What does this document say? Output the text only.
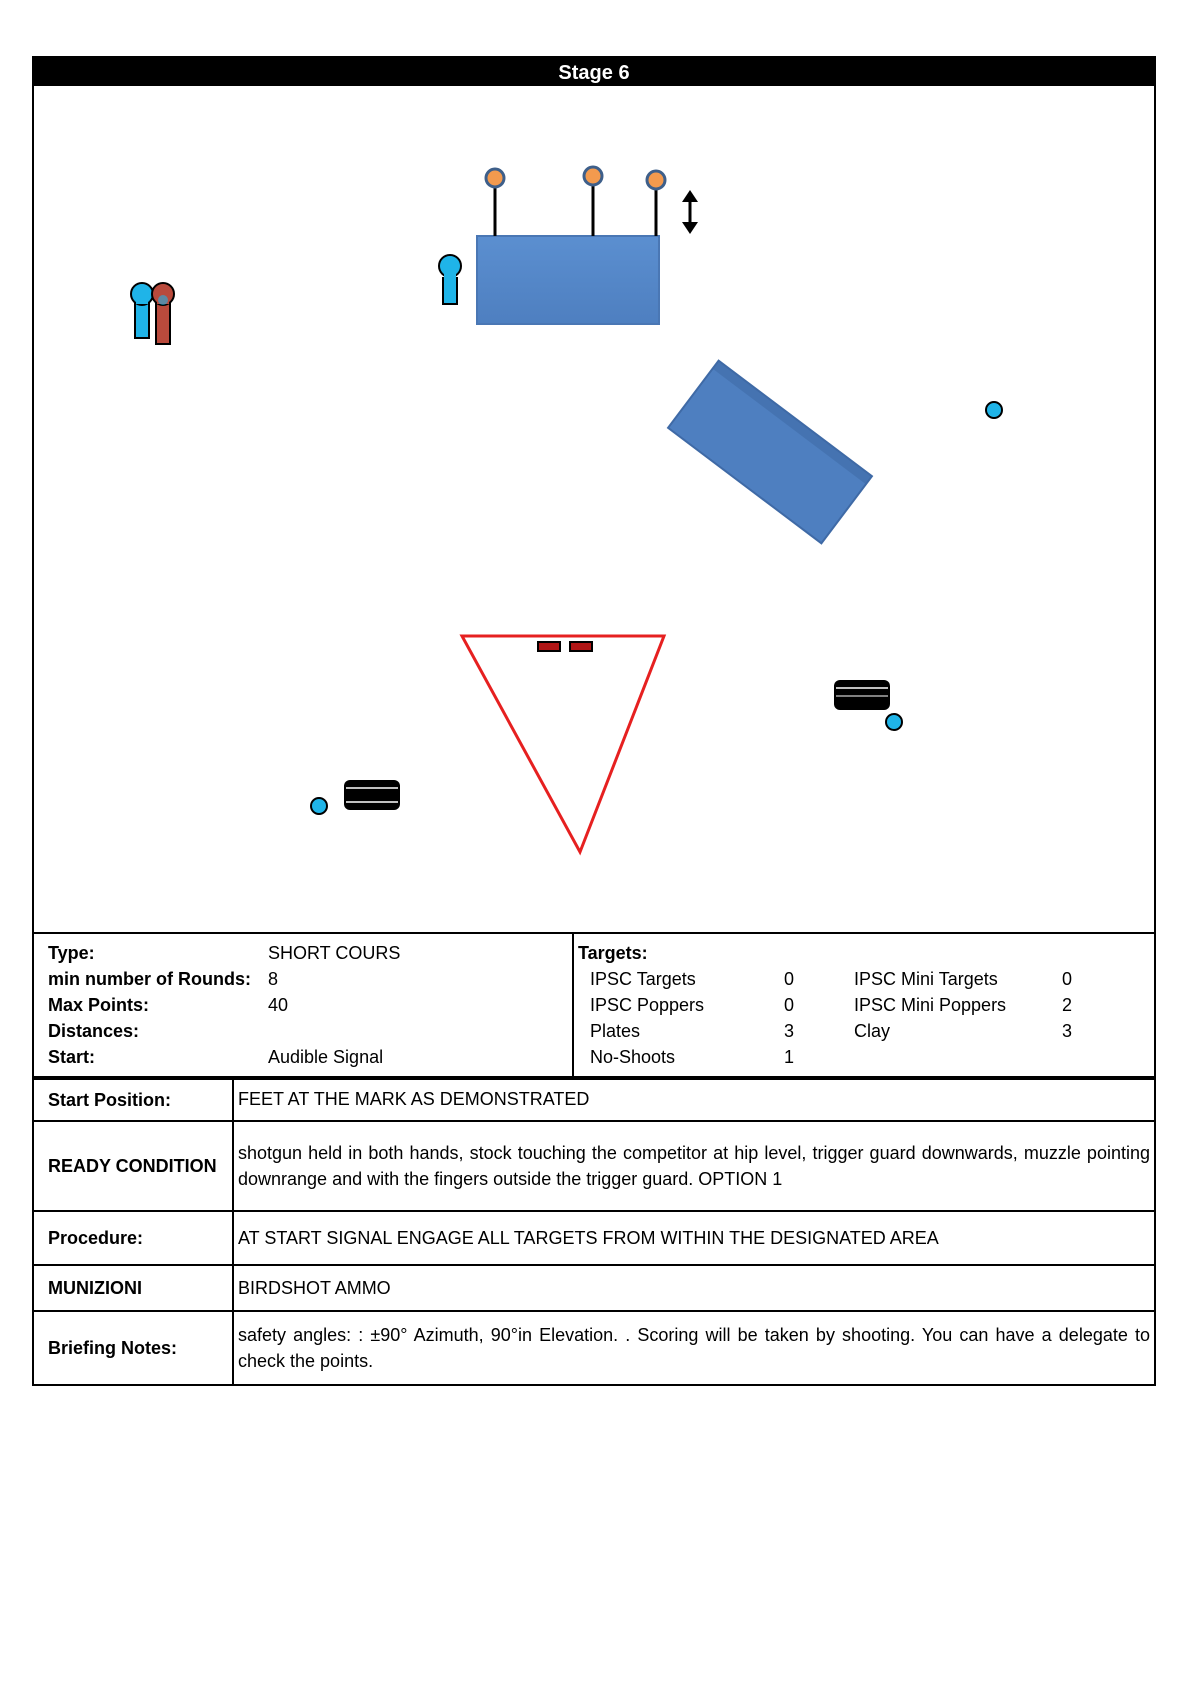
Stage 6
Type:	SHORT COURS
min number of Rounds: 8
Max Points:	40
Distances:
Start:	Audible Signal
Targets:
IPSC Targets	0	IPSC Mini Targets	0
IPSC Poppers	0	IPSC Mini Poppers	2
Plates	3	Clay	3
No-Shoots	1
Start Position:	FEET AT THE MARK AS DEMONSTRATED
READY CONDITION	shotgun held in both hands, stock touching the competitor at hip level, trigger guard downwards, muzzle pointing downrange and with the fingers outside the trigger guard. OPTION 1
Procedure:	AT START SIGNAL ENGAGE ALL TARGETS FROM WITHIN THE DESIGNATED AREA
MUNIZIONI	BIRDSHOT AMMO
Briefing Notes:	safety angles: : ±90° Azimuth, 90°in Elevation. . Scoring will be taken by shooting. You can have a delegate to check the points.
